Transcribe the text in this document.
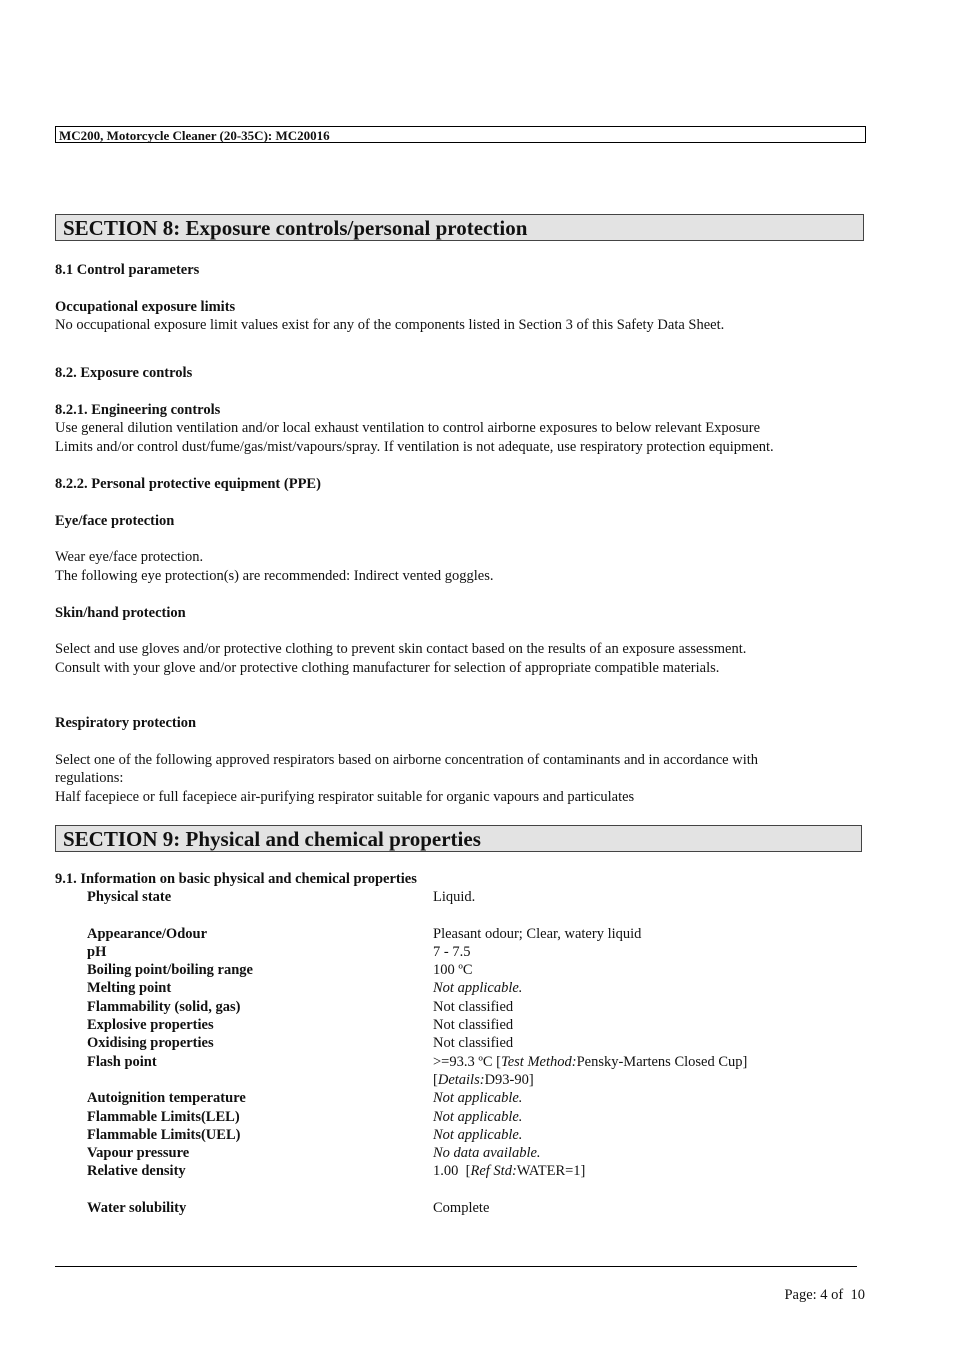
MC200, Motorcycle Cleaner (20-35C): MC20016
SECTION 8: Exposure controls/personal protection
8.1 Control parameters
Occupational exposure limits
No occupational exposure limit values exist for any of the components listed in Section 3 of this Safety Data Sheet.
8.2. Exposure controls
8.2.1. Engineering controls
Use general dilution ventilation and/or local exhaust ventilation to control airborne exposures to below relevant Exposure
Limits and/or control dust/fume/gas/mist/vapours/spray. If ventilation is not adequate, use respiratory protection equipment.
8.2.2. Personal protective equipment (PPE)
Eye/face protection
Wear eye/face protection.
The following eye protection(s) are recommended: Indirect vented goggles.
Skin/hand protection
Select and use gloves and/or protective clothing to prevent skin contact based on the results of an exposure assessment.
Consult with your glove and/or protective clothing manufacturer for selection of appropriate compatible materials.
Respiratory protection
Select one of the following approved respirators based on airborne concentration of contaminants and in accordance with
regulations:
Half facepiece or full facepiece air-purifying respirator suitable for organic vapours and particulates
SECTION 9: Physical and chemical properties
9.1. Information on basic physical and chemical properties
Physical state	Liquid.
Appearance/Odour	Pleasant odour; Clear, watery liquid
pH	7 - 7.5
Boiling point/boiling range	100 ºC
Melting point	Not applicable.
Flammability (solid, gas)	Not classified
Explosive properties	Not classified
Oxidising properties	Not classified
Flash point	>=93.3 ºC [Test Method:Pensky-Martens Closed Cup]
[Details:D93-90]
Autoignition temperature	Not applicable.
Flammable Limits(LEL)	Not applicable.
Flammable Limits(UEL)	Not applicable.
Vapour pressure	No data available.
Relative density	1.00  [Ref Std:WATER=1]
Water solubility	Complete
Page: 4 of  10
